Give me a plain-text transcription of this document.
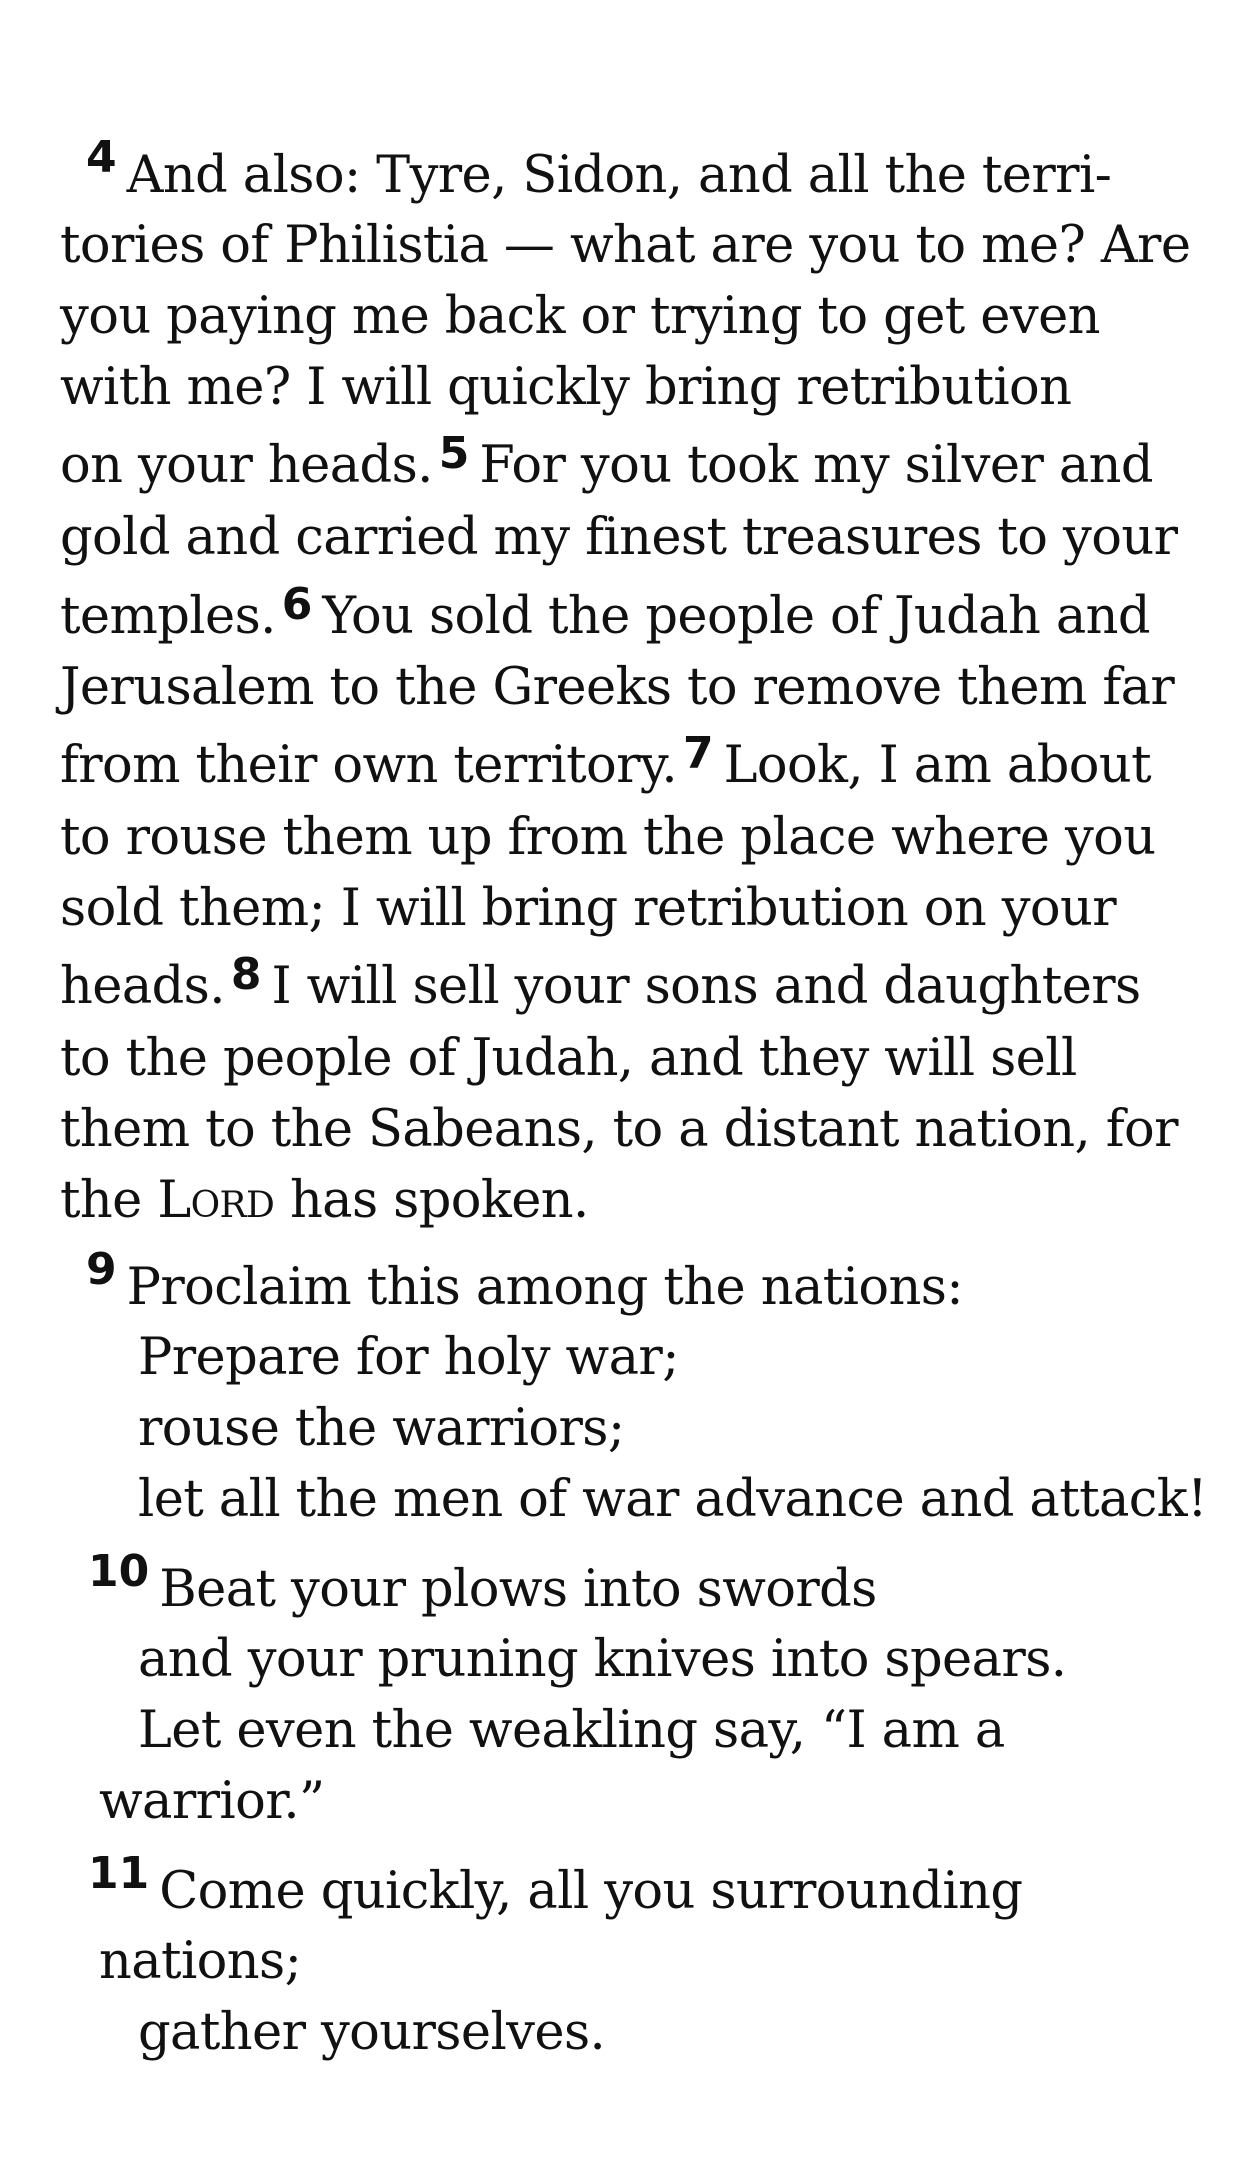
4 And also: Tyre, Sidon, and all the terri-
tories of Philistia — what are you to me? Are
you paying me back or trying to get even
with me? I will quickly bring retribution
on your heads. 5 For you took my silver and
gold and carried my finest treasures to your
temples. 6 You sold the people of Judah and
Jerusalem to the Greeks to remove them far
from their own territory. 7 Look, I am about
to rouse them up from the place where you
sold them; I will bring retribution on your
heads. 8 I will sell your sons and daughters
to the people of Judah, and they will sell
them to the Sabeans, to a distant nation, for
the Lord has spoken.
9 Proclaim this among the nations:
Prepare for holy war;
rouse the warriors;
let all the men of war advance and attack!
10 Beat your plows into swords
and your pruning knives into spears.
Let even the weakling say, “I am a
warrior.”
11 Come quickly, all you surrounding
nations;
gather yourselves.
